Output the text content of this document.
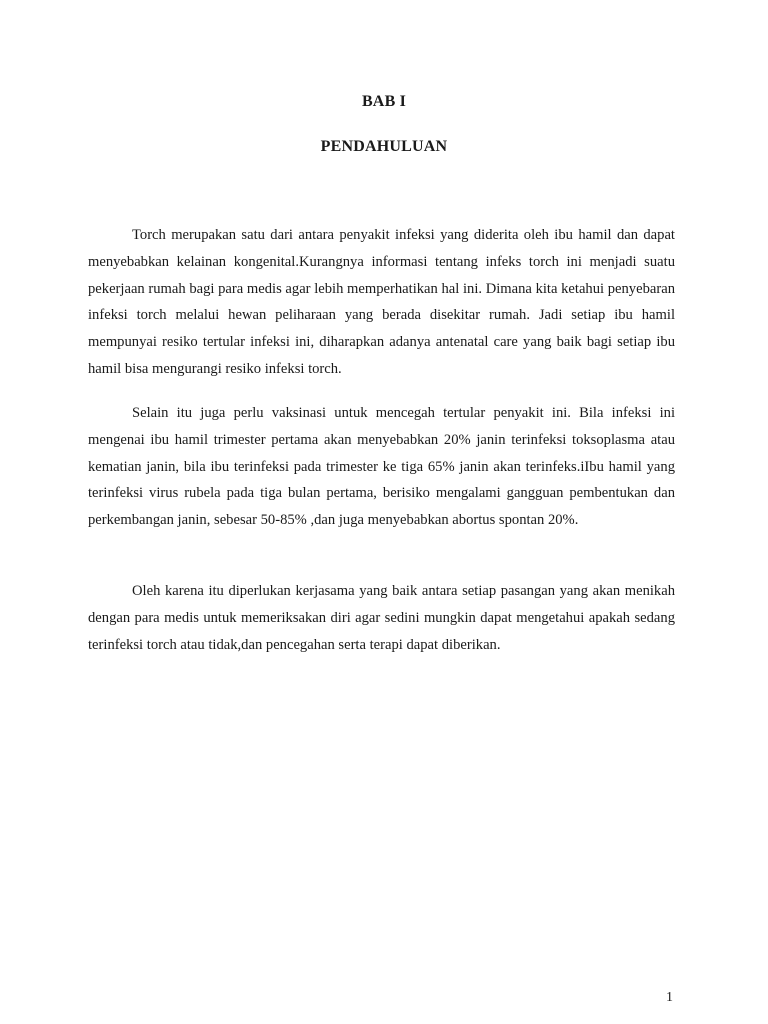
BAB I
PENDAHULUAN

Torch merupakan satu dari antara penyakit infeksi yang diderita oleh ibu hamil dan dapat menyebabkan kelainan kongenital.Kurangnya informasi tentang infeks torch ini menjadi suatu pekerjaan rumah bagi para medis agar lebih memperhatikan hal ini. Dimana kita ketahui penyebaran infeksi torch melalui hewan peliharaan yang berada disekitar rumah. Jadi setiap ibu hamil mempunyai resiko tertular infeksi ini, diharapkan adanya antenatal care yang baik bagi setiap ibu hamil bisa mengurangi resiko infeksi torch.

Selain itu juga perlu vaksinasi untuk mencegah tertular penyakit ini. Bila infeksi ini mengenai ibu hamil trimester pertama akan menyebabkan 20% janin terinfeksi toksoplasma atau kematian janin, bila ibu terinfeksi pada trimester ke tiga 65% janin akan terinfeks.iIbu hamil yang terinfeksi virus rubela pada tiga bulan pertama, berisiko mengalami gangguan pembentukan dan perkembangan janin, sebesar 50-85% ,dan juga menyebabkan abortus spontan 20%.

Oleh karena itu diperlukan kerjasama yang baik antara setiap pasangan yang akan menikah dengan para medis untuk memeriksakan diri agar sedini mungkin dapat mengetahui apakah sedang terinfeksi torch atau tidak,dan pencegahan serta terapi dapat diberikan.

1
